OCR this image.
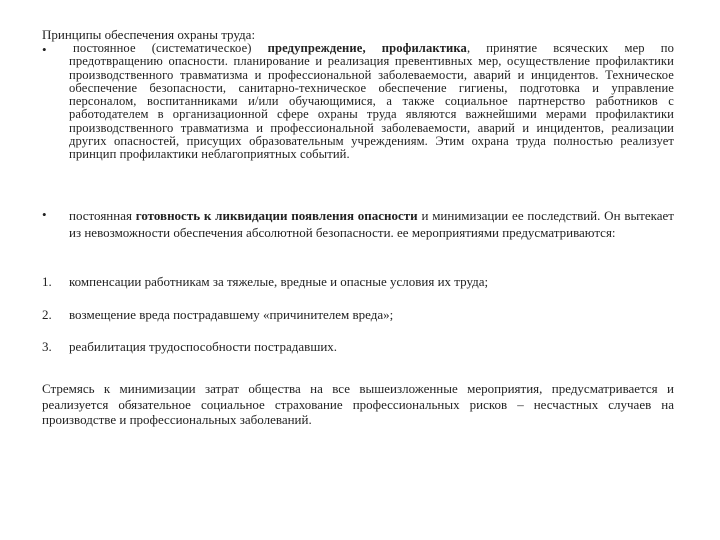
Принципы обеспечения охраны труда:
•	постоянное (систематическое) предупреждение, профилактика, принятие всяческих мер по предотвращению опасности. планирование и реализация превентивных мер, осуществление профилактики производственного травматизма и профессиональной заболеваемости, аварий и инцидентов. Техническое обеспечение безопасности, санитарно-техническое обеспечение гигиены, подготовка и управление персоналом, воспитанниками и/или обучающимися, а также социальное партнерство работников с работодателем в организационной сфере охраны труда являются важнейшими мерами профилактики производственного травматизма и профессиональной заболеваемости, аварий и инцидентов, реализации других опасностей, присущих образовательным учреждениям. Этим охрана труда полностью реализует принцип профилактики неблагоприятных событий.
•	постоянная готовность к ликвидации появления опасности и минимизации ее последствий. Он вытекает из невозможности обеспечения абсолютной безопасности. ее мероприятиями предусматриваются:
1. компенсации работникам за тяжелые, вредные и опасные условия их труда;
2. возмещение вреда пострадавшему «причинителем вреда»;
3. реабилитация трудоспособности пострадавших.
Стремясь к минимизации затрат общества на все вышеизложенные мероприятия, предусматривается и реализуется обязательное социальное страхование профессиональных рисков – несчастных случаев на производстве и профессиональных заболеваний.
